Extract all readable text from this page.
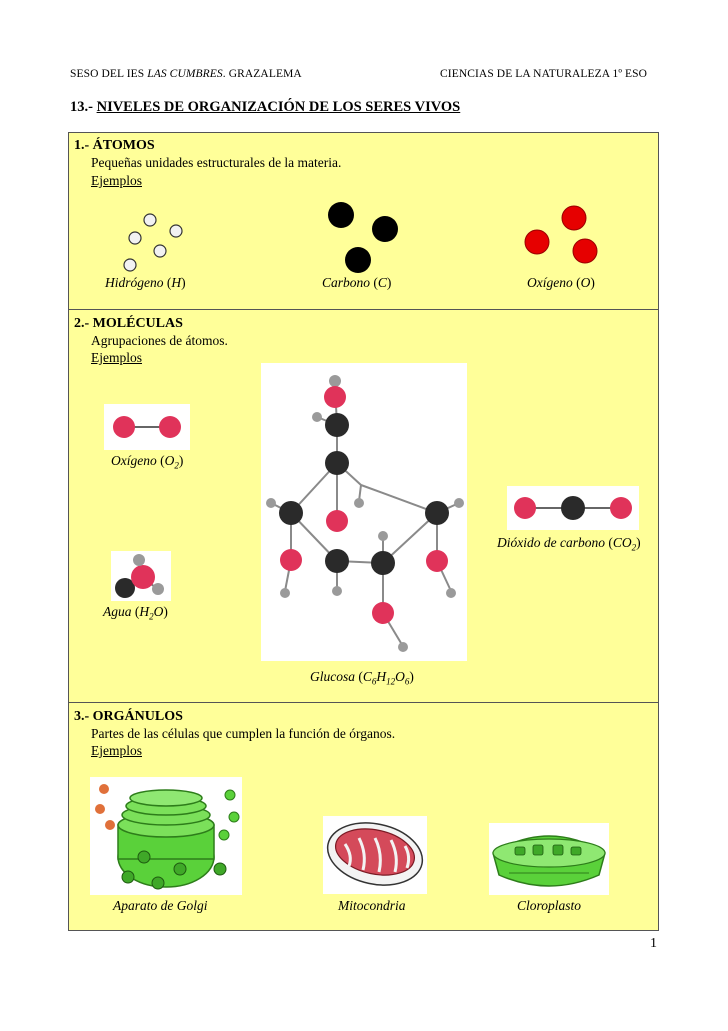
SESO DEL IES LAS CUMBRES. GRAZALEMA	CIENCIAS DE LA NATURALEZA 1º ESO
13.- NIVELES DE ORGANIZACIÓN DE LOS SERES VIVOS
1.- ÁTOMOS
Pequeñas unidades estructurales de la materia.
Ejemplos
Hidrógeno (H)	Carbono (C)	Oxígeno (O)
2.- MOLÉCULAS
Agrupaciones de átomos.
Ejemplos
Oxígeno $(O_2)$
Agua $(H_2O)$
Glucosa $(C_6H_{12}O_6)$
Dióxido de carbono $(CO_2)$
3.- ORGÁNULOS
Partes de las células que cumplen la función de órganos.
Ejemplos
Aparato de Golgi	Mitocondria	Cloroplasto
1
